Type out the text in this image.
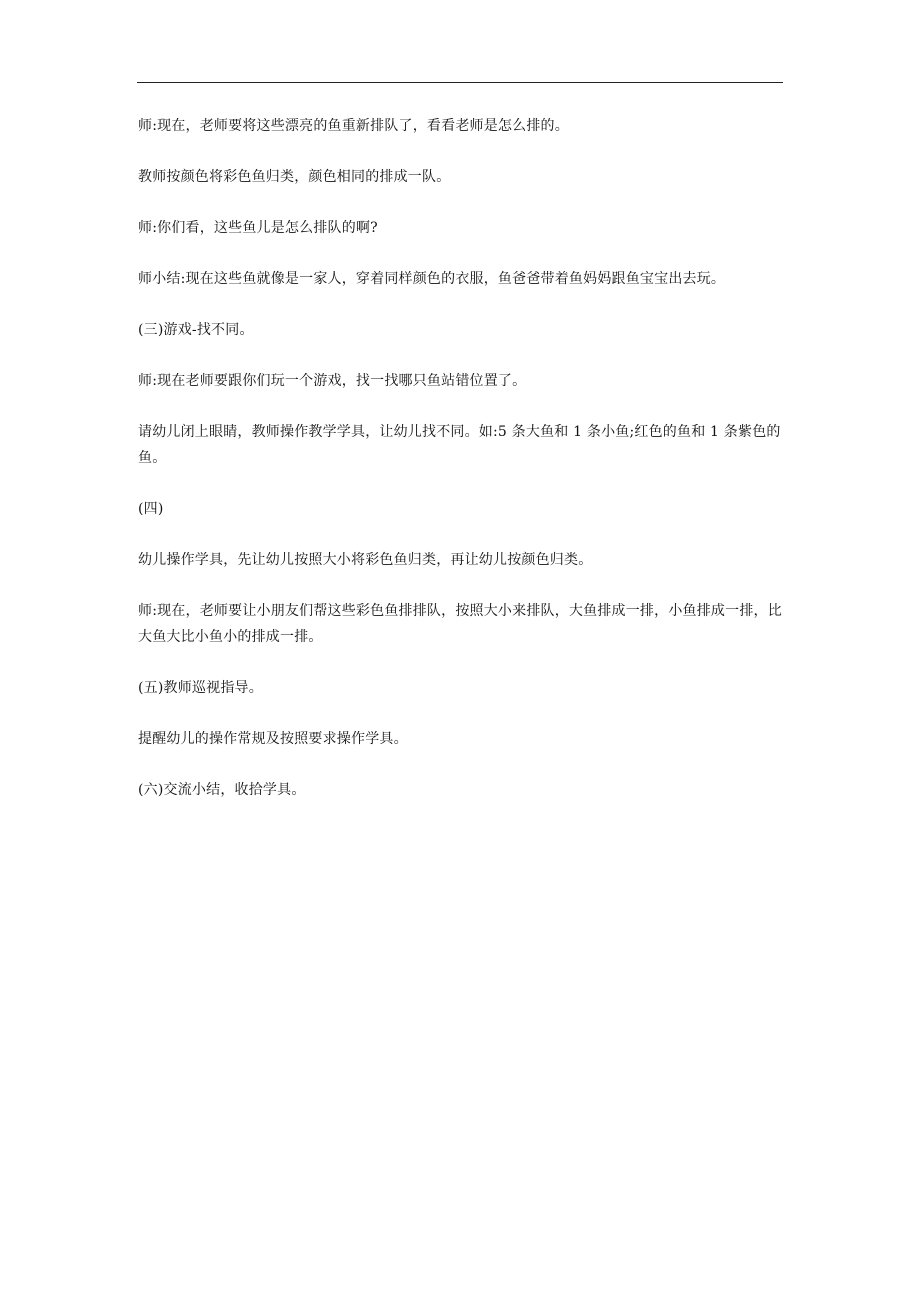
师:现在，老师要将这些漂亮的鱼重新排队了，看看老师是怎么排的。

教师按颜色将彩色鱼归类，颜色相同的排成一队。

师:你们看，这些鱼儿是怎么排队的啊?

师小结:现在这些鱼就像是一家人，穿着同样颜色的衣服，鱼爸爸带着鱼妈妈跟鱼宝宝出去玩。

(三)游戏-找不同。

师:现在老师要跟你们玩一个游戏，找一找哪只鱼站错位置了。

请幼儿闭上眼睛，教师操作教学学具，让幼儿找不同。如:5 条大鱼和 1 条小鱼;红色的鱼和 1 条紫色的鱼。

(四)

幼儿操作学具，先让幼儿按照大小将彩色鱼归类，再让幼儿按颜色归类。

师:现在，老师要让小朋友们帮这些彩色鱼排排队，按照大小来排队，大鱼排成一排，小鱼排成一排，比大鱼大比小鱼小的排成一排。

(五)教师巡视指导。

提醒幼儿的操作常规及按照要求操作学具。

(六)交流小结，收拾学具。
